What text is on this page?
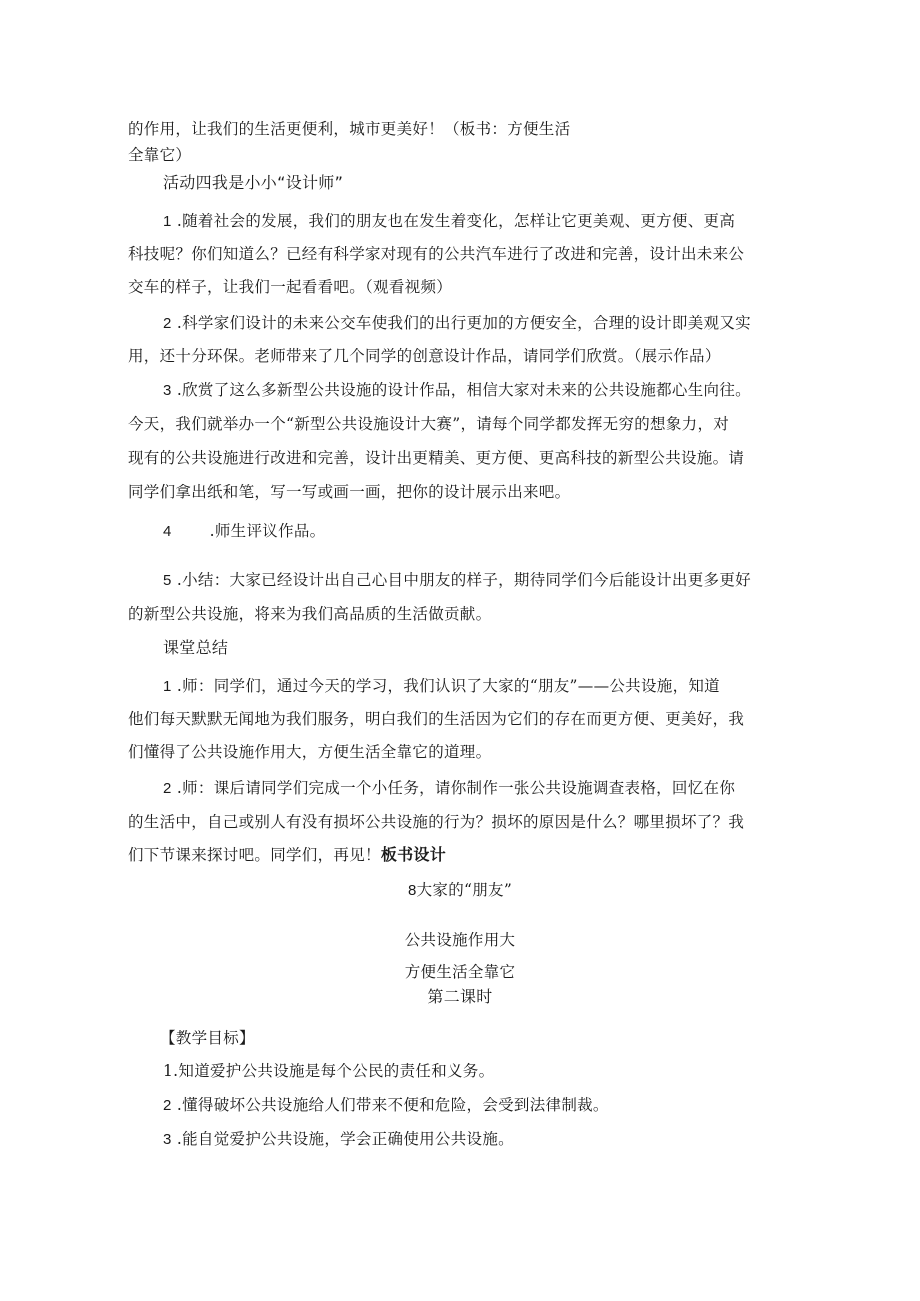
的作用，让我们的生活更便利，城市更美好！（板书：方便生活
全靠它）
活动四我是小小“设计师”
1 .随着社会的发展，我们的朋友也在发生着变化，怎样让它更美观、更方便、更高
科技呢？你们知道么？已经有科学家对现有的公共汽车进行了改进和完善，设计出未来公
交车的样子，让我们一起看看吧。（观看视频）
2 .科学家们设计的未来公交车使我们的出行更加的方便安全，合理的设计即美观又实
用，还十分环保。老师带来了几个同学的创意设计作品，请同学们欣赏。（展示作品）
3 .欣赏了这么多新型公共设施的设计作品，相信大家对未来的公共设施都心生向往。
今天，我们就举办一个“新型公共设施设计大赛”，请每个同学都发挥无穷的想象力，对
现有的公共设施进行改进和完善，设计出更精美、更方便、更高科技的新型公共设施。请
同学们拿出纸和笔，写一写或画一画，把你的设计展示出来吧。
4 .师生评议作品。
5 .小结：大家已经设计出自己心目中朋友的样子，期待同学们今后能设计出更多更好
的新型公共设施，将来为我们高品质的生活做贡献。
课堂总结
1 .师：同学们，通过今天的学习，我们认识了大家的“朋友”——公共设施，知道
他们每天默默无闻地为我们服务，明白我们的生活因为它们的存在而更方便、更美好，我
们懂得了公共设施作用大，方便生活全靠它的道理。
2 .师：课后请同学们完成一个小任务，请你制作一张公共设施调查表格，回忆在你
的生活中，自己或别人有没有损坏公共设施的行为？损坏的原因是什么？哪里损坏了？我
们下节课来探讨吧。同学们，再见！板书设计
8大家的“朋友”
公共设施作用大
方便生活全靠它
第二课时
【教学目标】
1.知道爱护公共设施是每个公民的责任和义务。
2 .懂得破坏公共设施给人们带来不便和危险，会受到法律制裁。
3 .能自觉爱护公共设施，学会正确使用公共设施。
